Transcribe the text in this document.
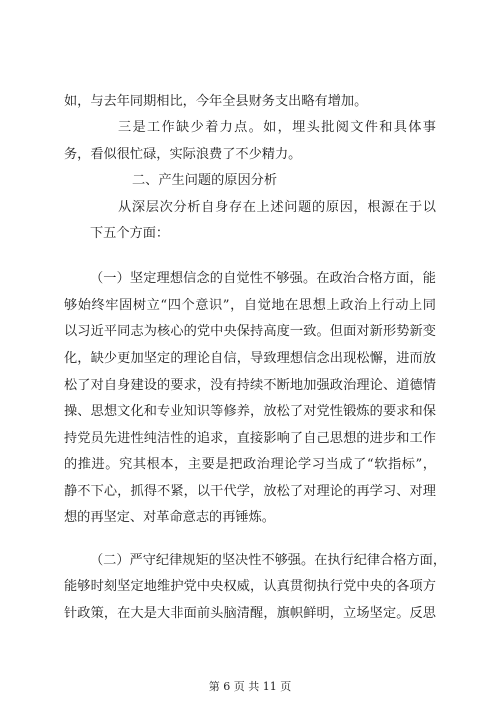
如，与去年同期相比，今年全县财务支出略有增加。
三是工作缺少着力点。如，埋头批阅文件和具体事
务，看似很忙碌，实际浪费了不少精力。
二、产生问题的原因分析
从深层次分析自身存在上述问题的原因，根源在于以
下五个方面：
（一）坚定理想信念的自觉性不够强。在政治合格方面，能
够始终牢固树立“四个意识”，自觉地在思想上政治上行动上同
以习近平同志为核心的党中央保持高度一致。但面对新形势新变
化，缺少更加坚定的理论自信，导致理想信念出现松懈，进而放
松了对自身建设的要求，没有持续不断地加强政治理论、道德情
操、思想文化和专业知识等修养，放松了对党性锻炼的要求和保
持党员先进性纯洁性的追求，直接影响了自己思想的进步和工作
的推进。究其根本，主要是把政治理论学习当成了“软指标”，
静不下心，抓得不紧，以干代学，放松了对理论的再学习、对理
想的再坚定、对革命意志的再锤炼。
（二）严守纪律规矩的坚决性不够强。在执行纪律合格方面，
能够时刻坚定地维护党中央权威，认真贯彻执行党中央的各项方
针政策，在大是大非面前头脑清醒，旗帜鲜明，立场坚定。反思
第 6 页 共 11 页
